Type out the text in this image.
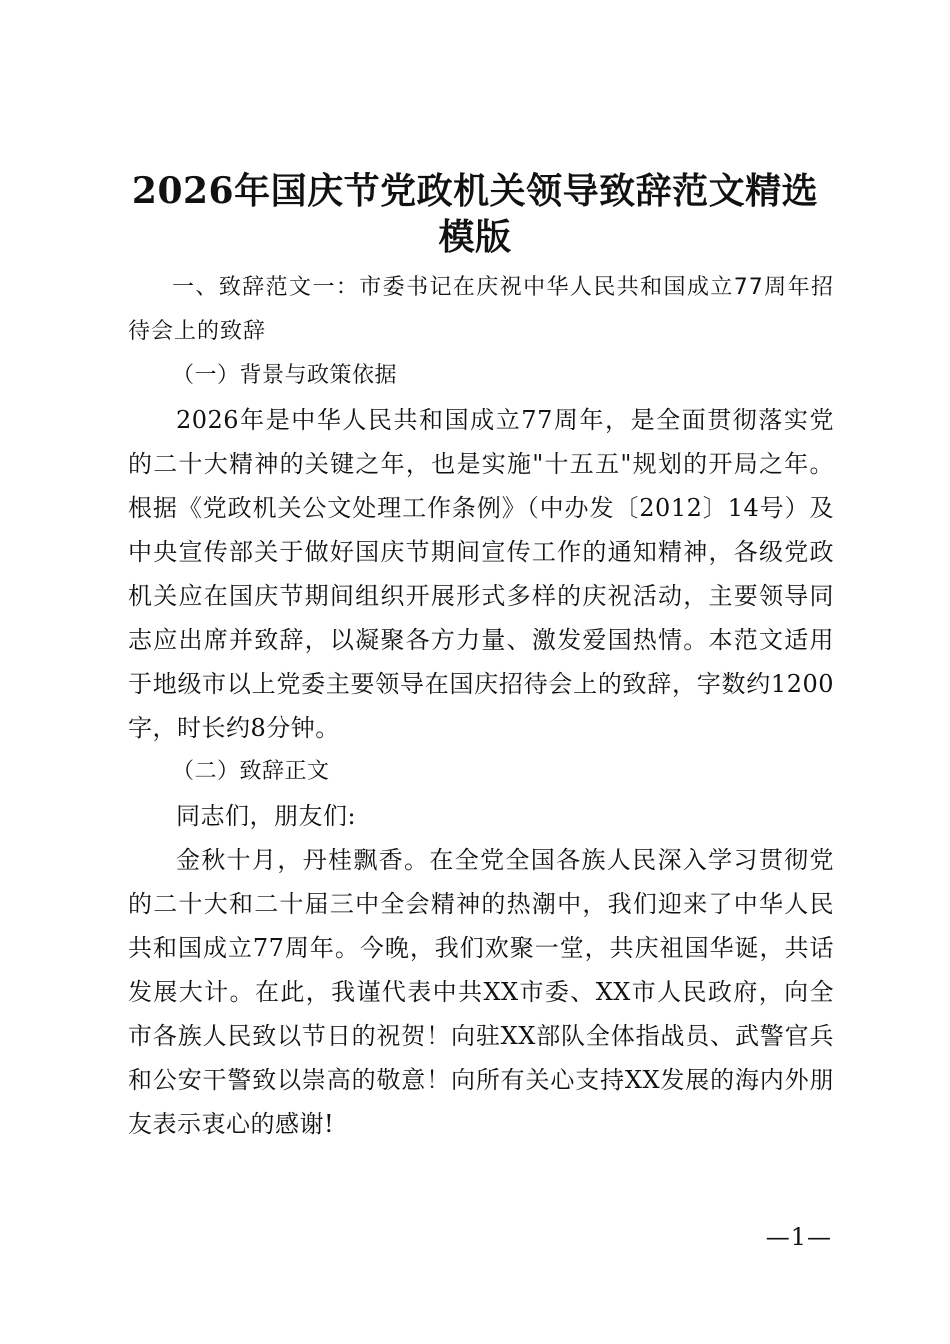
2026年国庆节党政机关领导致辞范文精选模版

一、致辞范文一：市委书记在庆祝中华人民共和国成立77周年招待会上的致辞

（一）背景与政策依据

2026年是中华人民共和国成立77周年，是全面贯彻落实党的二十大精神的关键之年，也是实施"十五五"规划的开局之年。根据《党政机关公文处理工作条例》（中办发〔2012〕14号）及中央宣传部关于做好国庆节期间宣传工作的通知精神，各级党政机关应在国庆节期间组织开展形式多样的庆祝活动，主要领导同志应出席并致辞，以凝聚各方力量、激发爱国热情。本范文适用于地级市以上党委主要领导在国庆招待会上的致辞，字数约1200字，时长约8分钟。

（二）致辞正文

同志们，朋友们:

金秋十月，丹桂飘香。在全党全国各族人民深入学习贯彻党的二十大和二十届三中全会精神的热潮中，我们迎来了中华人民共和国成立77周年。今晚，我们欢聚一堂，共庆祖国华诞，共话发展大计。在此，我谨代表中共XX市委、XX市人民政府，向全市各族人民致以节日的祝贺！向驻XX部队全体指战员、武警官兵和公安干警致以崇高的敬意！向所有关心支持XX发展的海内外朋友表示衷心的感谢!

—1—
